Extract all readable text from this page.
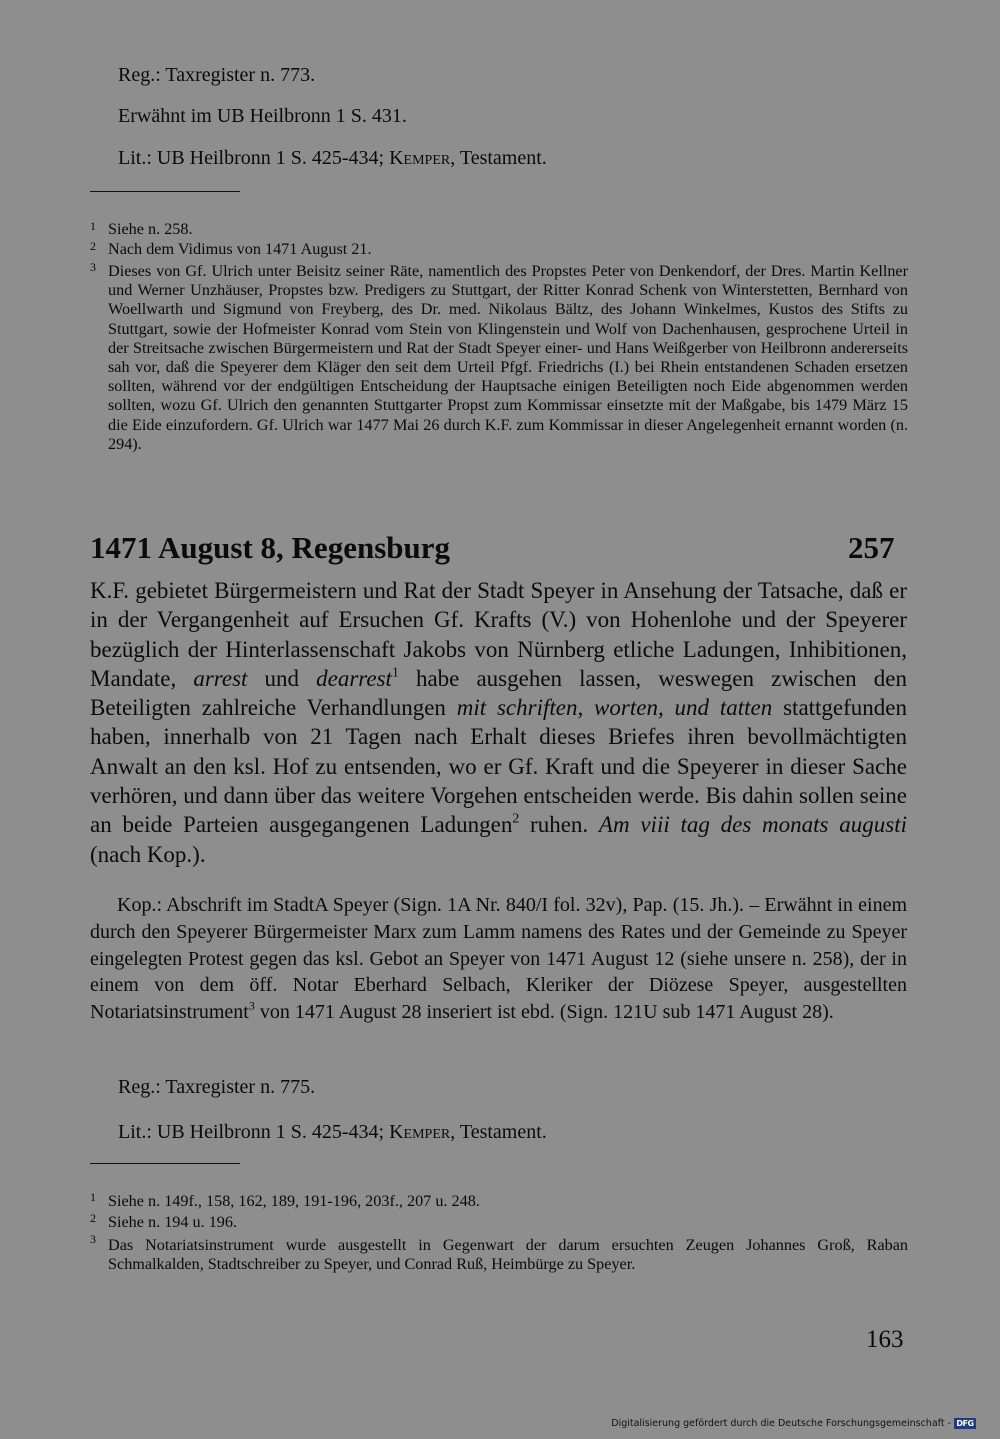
Reg.: Taxregister n. 773.
Erwähnt im UB Heilbronn 1 S. 431.
Lit.: UB Heilbronn 1 S. 425-434; Kemper, Testament.
1 Siehe n. 258.
2 Nach dem Vidimus von 1471 August 21.
3 Dieses von Gf. Ulrich unter Beisitz seiner Räte, namentlich des Propstes Peter von Denkendorf, der Dres. Martin Kellner und Werner Unzhäuser, Propstes bzw. Predigers zu Stuttgart, der Ritter Konrad Schenk von Winterstetten, Bernhard von Woellwarth und Sigmund von Freyberg, des Dr. med. Nikolaus Bältz, des Johann Winkelmes, Kustos des Stifts zu Stuttgart, sowie der Hofmeister Konrad vom Stein von Klingenstein und Wolf von Dachenhausen, gesprochene Urteil in der Streitsache zwischen Bürgermeistern und Rat der Stadt Speyer einer- und Hans Weißgerber von Heilbronn andererseits sah vor, daß die Speyerer dem Kläger den seit dem Urteil Pfgf. Friedrichs (I.) bei Rhein entstandenen Schaden ersetzen sollten, während vor der endgültigen Entscheidung der Hauptsache einigen Beteiligten noch Eide abgenommen werden sollten, wozu Gf. Ulrich den genannten Stuttgarter Propst zum Kommissar einsetzte mit der Maßgabe, bis 1479 März 15 die Eide einzufordern. Gf. Ulrich war 1477 Mai 26 durch K.F. zum Kommissar in dieser Angelegenheit ernannt worden (n. 294).

1471 August 8, Regensburg	257
K.F. gebietet Bürgermeistern und Rat der Stadt Speyer in Ansehung der Tatsache, daß er in der Vergangenheit auf Ersuchen Gf. Krafts (V.) von Hohenlohe und der Speyerer bezüglich der Hinterlassenschaft Jakobs von Nürnberg etliche Ladungen, Inhibitionen, Mandate, arrest und dearrest$^1$ habe ausgehen lassen, weswegen zwischen den Beteiligten zahlreiche Verhandlungen mit schriften, worten, und tatten stattgefunden haben, innerhalb von 21 Tagen nach Erhalt dieses Briefes ihren bevollmächtigten Anwalt an den ksl. Hof zu entsenden, wo er Gf. Kraft und die Speyerer in dieser Sache verhören, und dann über das weitere Vorgehen entscheiden werde. Bis dahin sollen seine an beide Parteien ausgegangenen Ladungen$^2$ ruhen. Am viii tag des monats augusti (nach Kop.).
Kop.: Abschrift im StadtA Speyer (Sign. 1A Nr. 840/I fol. 32v), Pap. (15. Jh.). – Erwähnt in einem durch den Speyerer Bürgermeister Marx zum Lamm namens des Rates und der Gemeinde zu Speyer eingelegten Protest gegen das ksl. Gebot an Speyer von 1471 August 12 (siehe unsere n. 258), der in einem von dem öff. Notar Eberhard Selbach, Kleriker der Diözese Speyer, ausgestellten Notariatsinstrument$^3$ von 1471 August 28 inseriert ist ebd. (Sign. 121U sub 1471 August 28).
Reg.: Taxregister n. 775.
Lit.: UB Heilbronn 1 S. 425-434; Kemper, Testament.
1 Siehe n. 149f., 158, 162, 189, 191-196, 203f., 207 u. 248.
2 Siehe n. 194 u. 196.
3 Das Notariatsinstrument wurde ausgestellt in Gegenwart der darum ersuchten Zeugen Johannes Groß, Raban Schmalkalden, Stadtschreiber zu Speyer, und Conrad Ruß, Heimbürge zu Speyer.

163
Digitalisierung gefördert durch die Deutsche Forschungsgemeinschaft - DFG
